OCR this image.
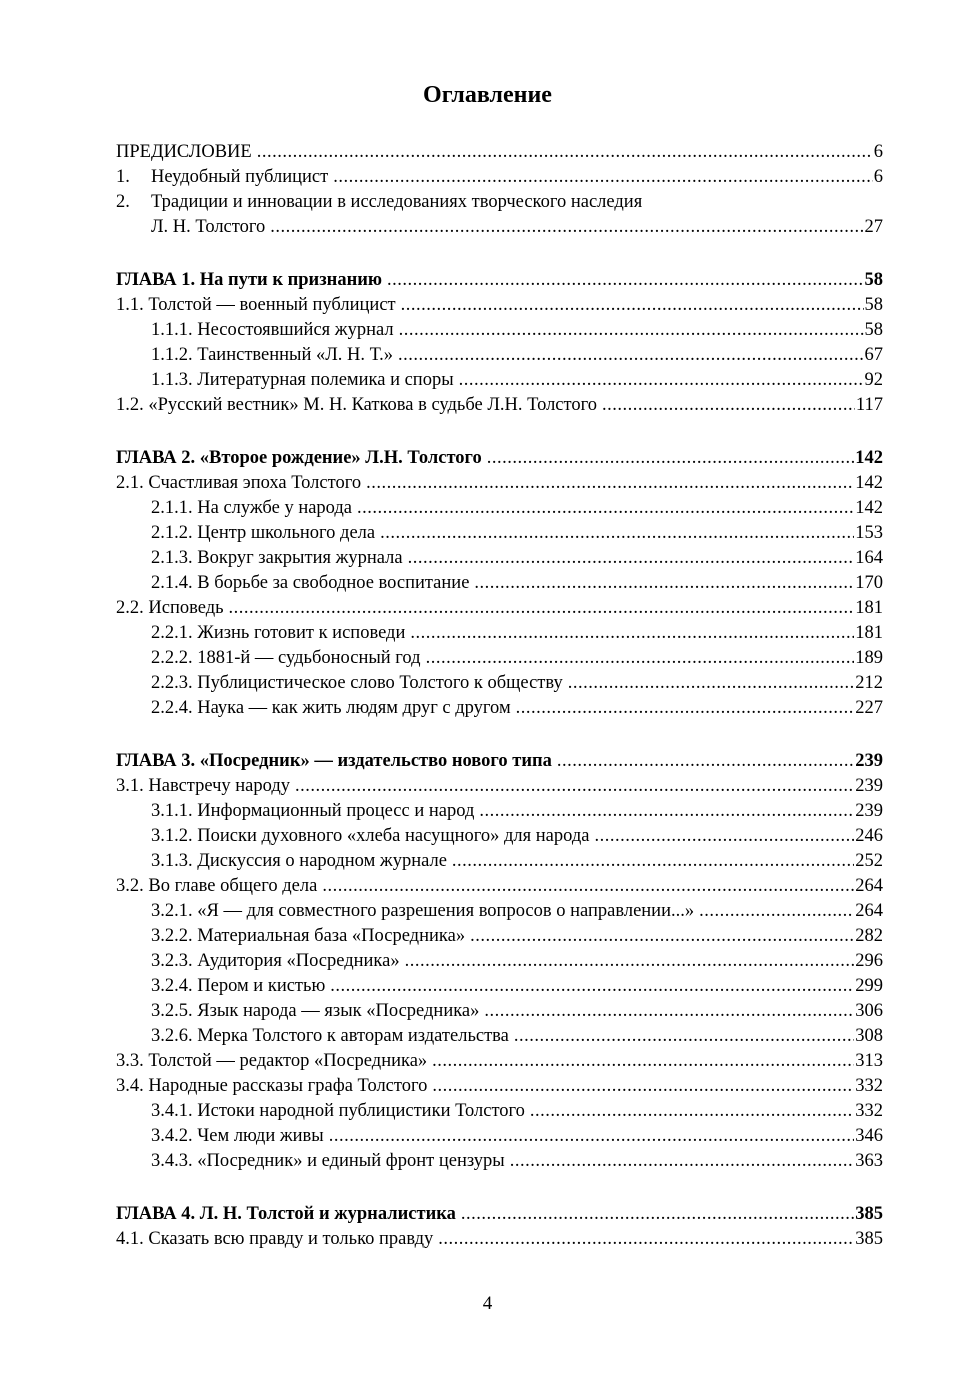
Оглавление
ПРЕДИСЛОВИЕ .....	6
1. Неудобный публицист .....	6
2. Традиции и инновации в исследованиях творческого наследия
Л. Н. Толстого .....	27
ГЛАВА 1. На пути к признанию .....	58
1.1. Толстой — военный публицист .....	58
1.1.1. Несостоявшийся журнал .....	58
1.1.2. Таинственный «Л. Н. Т.» .....	67
1.1.3. Литературная полемика и споры .....	92
1.2. «Русский вестник» М. Н. Каткова в судьбе Л.Н. Толстого .....	117
ГЛАВА 2. «Второе рождение» Л.Н. Толстого .....	142
2.1. Счастливая эпоха Толстого .....	142
2.1.1. На службе у народа .....	142
2.1.2. Центр школьного дела .....	153
2.1.3. Вокруг закрытия журнала .....	164
2.1.4. В борьбе за свободное воспитание .....	170
2.2. Исповедь .....	181
2.2.1. Жизнь готовит к исповеди .....	181
2.2.2. 1881-й — судьбоносный год .....	189
2.2.3. Публицистическое слово Толстого к обществу .....	212
2.2.4. Наука — как жить людям друг с другом .....	227
ГЛАВА 3. «Посредник» — издательство нового типа .....	239
3.1. Навстречу народу .....	239
3.1.1. Информационный процесс и народ .....	239
3.1.2. Поиски духовного «хлеба насущного» для народа .....	246
3.1.3. Дискуссия о народном журнале .....	252
3.2. Во главе общего дела .....	264
3.2.1. «Я — для совместного разрешения вопросов о направлении...» .....	264
3.2.2. Материальная база «Посредника» .....	282
3.2.3. Аудитория «Посредника» .....	296
3.2.4. Пером и кистью .....	299
3.2.5. Язык народа — язык «Посредника» .....	306
3.2.6. Мерка Толстого к авторам издательства .....	308
3.3. Толстой — редактор «Посредника» .....	313
3.4. Народные рассказы графа Толстого .....	332
3.4.1. Истоки народной публицистики Толстого .....	332
3.4.2. Чем люди живы .....	346
3.4.3. «Посредник» и единый фронт цензуры .....	363
ГЛАВА 4. Л. Н. Толстой и журналистика .....	385
4.1. Сказать всю правду и только правду .....	385
4
